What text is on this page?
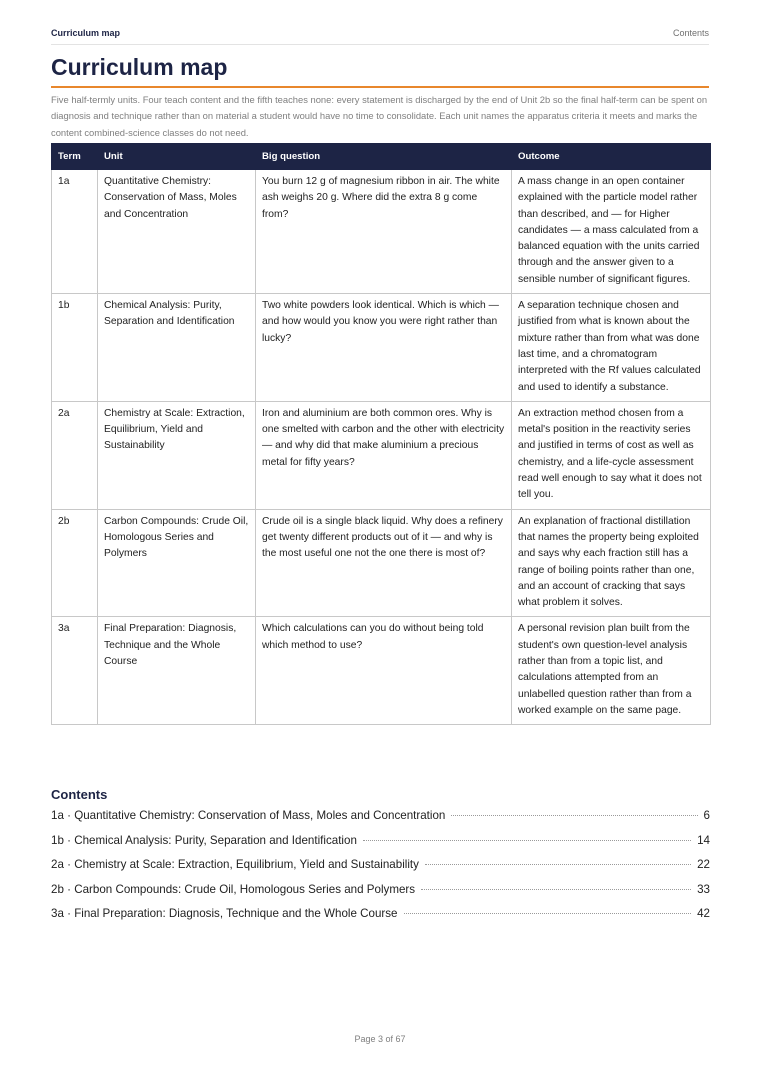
Curriculum map	Contents
Curriculum map

Five half-termly units. Four teach content and the fifth teaches none: every statement is discharged by the end of Unit 2b so the final half-term can be spent on diagnosis and technique rather than on material a student would have no time to consolidate. Each unit names the apparatus criteria it meets and marks the content combined-science classes do not need.

Term	Unit	Big question	Outcome
1a	Quantitative Chemistry: Conservation of Mass, Moles and Concentration	You burn 12 g of magnesium ribbon in air. The white ash weighs 20 g. Where did the extra 8 g come from?	A mass change in an open container explained with the particle model rather than described, and — for Higher candidates — a mass calculated from a balanced equation with the units carried through and the answer given to a sensible number of significant figures.
1b	Chemical Analysis: Purity, Separation and Identification	Two white powders look identical. Which is which — and how would you know you were right rather than lucky?	A separation technique chosen and justified from what is known about the mixture rather than from what was done last time, and a chromatogram interpreted with the Rf values calculated and used to identify a substance.
2a	Chemistry at Scale: Extraction, Equilibrium, Yield and Sustainability	Iron and aluminium are both common ores. Why is one smelted with carbon and the other with electricity — and why did that make aluminium a precious metal for fifty years?	An extraction method chosen from a metal's position in the reactivity series and justified in terms of cost as well as chemistry, and a life-cycle assessment read well enough to say what it does not tell you.
2b	Carbon Compounds: Crude Oil, Homologous Series and Polymers	Crude oil is a single black liquid. Why does a refinery get twenty different products out of it — and why is the most useful one not the one there is most of?	An explanation of fractional distillation that names the property being exploited and says why each fraction still has a range of boiling points rather than one, and an account of cracking that says what problem it solves.
3a	Final Preparation: Diagnosis, Technique and the Whole Course	Which calculations can you do without being told which method to use?	A personal revision plan built from the student's own question-level analysis rather than from a topic list, and calculations attempted from an unlabelled question rather than from a worked example on the same page.
Contents
1a · Quantitative Chemistry: Conservation of Mass, Moles and Concentration	6
1b · Chemical Analysis: Purity, Separation and Identification	14
2a · Chemistry at Scale: Extraction, Equilibrium, Yield and Sustainability	22
2b · Carbon Compounds: Crude Oil, Homologous Series and Polymers	33
3a · Final Preparation: Diagnosis, Technique and the Whole Course	42
Page 3 of 67
